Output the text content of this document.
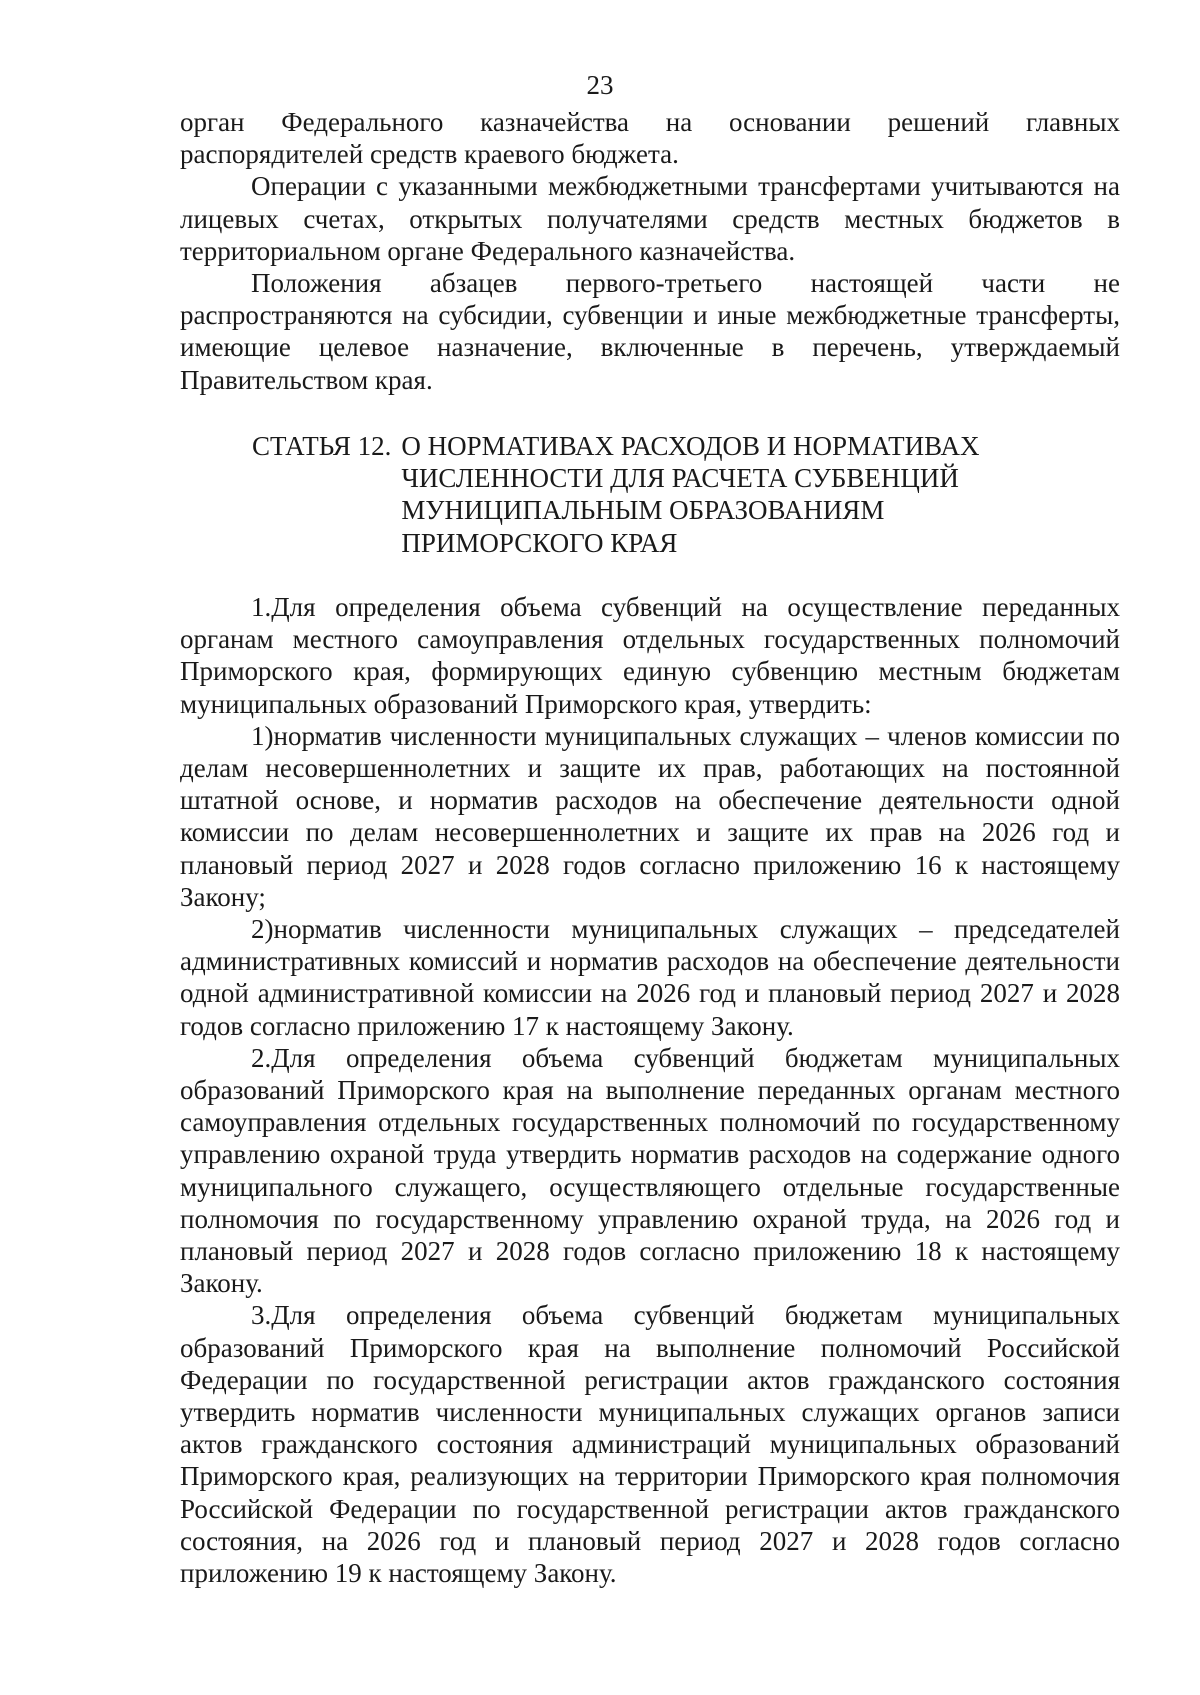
23

орган Федерального казначейства на основании решений главных распорядителей средств краевого бюджета.

Операции с указанными межбюджетными трансфертами учитываются на лицевых счетах, открытых получателями средств местных бюджетов в территориальном органе Федерального казначейства.

Положения абзацев первого-третьего настоящей части не распространяются на субсидии, субвенции и иные межбюджетные трансферты, имеющие целевое назначение, включенные в перечень, утверждаемый Правительством края.

СТАТЬЯ 12. О НОРМАТИВАХ РАСХОДОВ И НОРМАТИВАХ
ЧИСЛЕННОСТИ ДЛЯ РАСЧЕТА СУБВЕНЦИЙ
МУНИЦИПАЛЬНЫМ ОБРАЗОВАНИЯМ
ПРИМОРСКОГО КРАЯ

1.Для определения объема субвенций на осуществление переданных органам местного самоуправления отдельных государственных полномочий Приморского края, формирующих единую субвенцию местным бюджетам муниципальных образований Приморского края, утвердить:

1)норматив численности муниципальных служащих – членов комиссии по делам несовершеннолетних и защите их прав, работающих на постоянной штатной основе, и норматив расходов на обеспечение деятельности одной комиссии по делам несовершеннолетних и защите их прав на 2026 год и плановый период 2027 и 2028 годов согласно приложению 16 к настоящему Закону;

2)норматив численности муниципальных служащих – председателей административных комиссий и норматив расходов на обеспечение деятельности одной административной комиссии на 2026 год и плановый период 2027 и 2028 годов согласно приложению 17 к настоящему Закону.

2.Для определения объема субвенций бюджетам муниципальных образований Приморского края на выполнение переданных органам местного самоуправления отдельных государственных полномочий по государственному управлению охраной труда утвердить норматив расходов на содержание одного муниципального служащего, осуществляющего отдельные государственные полномочия по государственному управлению охраной труда, на 2026 год и плановый период 2027 и 2028 годов согласно приложению 18 к настоящему Закону.

3.Для определения объема субвенций бюджетам муниципальных образований Приморского края на выполнение полномочий Российской Федерации по государственной регистрации актов гражданского состояния утвердить норматив численности муниципальных служащих органов записи актов гражданского состояния администраций муниципальных образований Приморского края, реализующих на территории Приморского края полномочия Российской Федерации по государственной регистрации актов гражданского состояния, на 2026 год и плановый период 2027 и 2028 годов согласно приложению 19 к настоящему Закону.
